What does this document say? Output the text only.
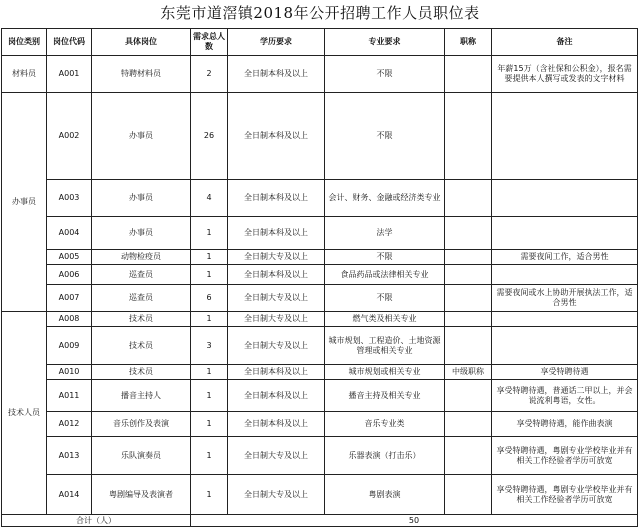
东莞市道滘镇2018年公开招聘工作人员职位表
岗位类别	岗位代码	具体岗位	需求总人数	学历要求	专业要求	职称	备注
材料员	A001	特聘材料员	2	全日制本科及以上	不限		年薪15万（含社保和公积金），报名需要提供本人撰写或发表的文字材料
办事员	A002	办事员	26	全日制本科及以上	不限		
	A003	办事员	4	全日制本科及以上	会计、财务、金融或经济类专业		
	A004	办事员	1	全日制本科及以上	法学		
	A005	动物检疫员	1	全日制大专及以上	不限		需要夜间工作，适合男性
	A006	巡查员	1	全日制本科及以上	食品药品或法律相关专业		
	A007	巡查员	6	全日制大专及以上	不限		需要夜间或水上协助开展执法工作，适合男性
技术人员	A008	技术员	1	全日制大专及以上	燃气类及相关专业		
	A009	技术员	3	全日制大专及以上	城市规划、工程造价、土地资源管理或相关专业		
	A010	技术员	1	全日制本科及以上	城市规划或相关专业	中级职称	享受特聘待遇
	A011	播音主持人	1	全日制本科及以上	播音主持及相关专业		享受特聘待遇，普通话二甲以上，并会说流利粤语，女性。
	A012	音乐创作及表演	1	全日制本科及以上	音乐专业类		享受特聘待遇，能作曲表演
	A013	乐队演奏员	1	全日制大专及以上	乐器表演（打击乐）		享受特聘待遇，粤剧专业学校毕业并有相关工作经验者学历可放宽
	A014	粤剧编导及表演者	1	全日制大专及以上	粤剧表演		享受特聘待遇，粤剧专业学校毕业并有相关工作经验者学历可放宽
合计（人）			50				
